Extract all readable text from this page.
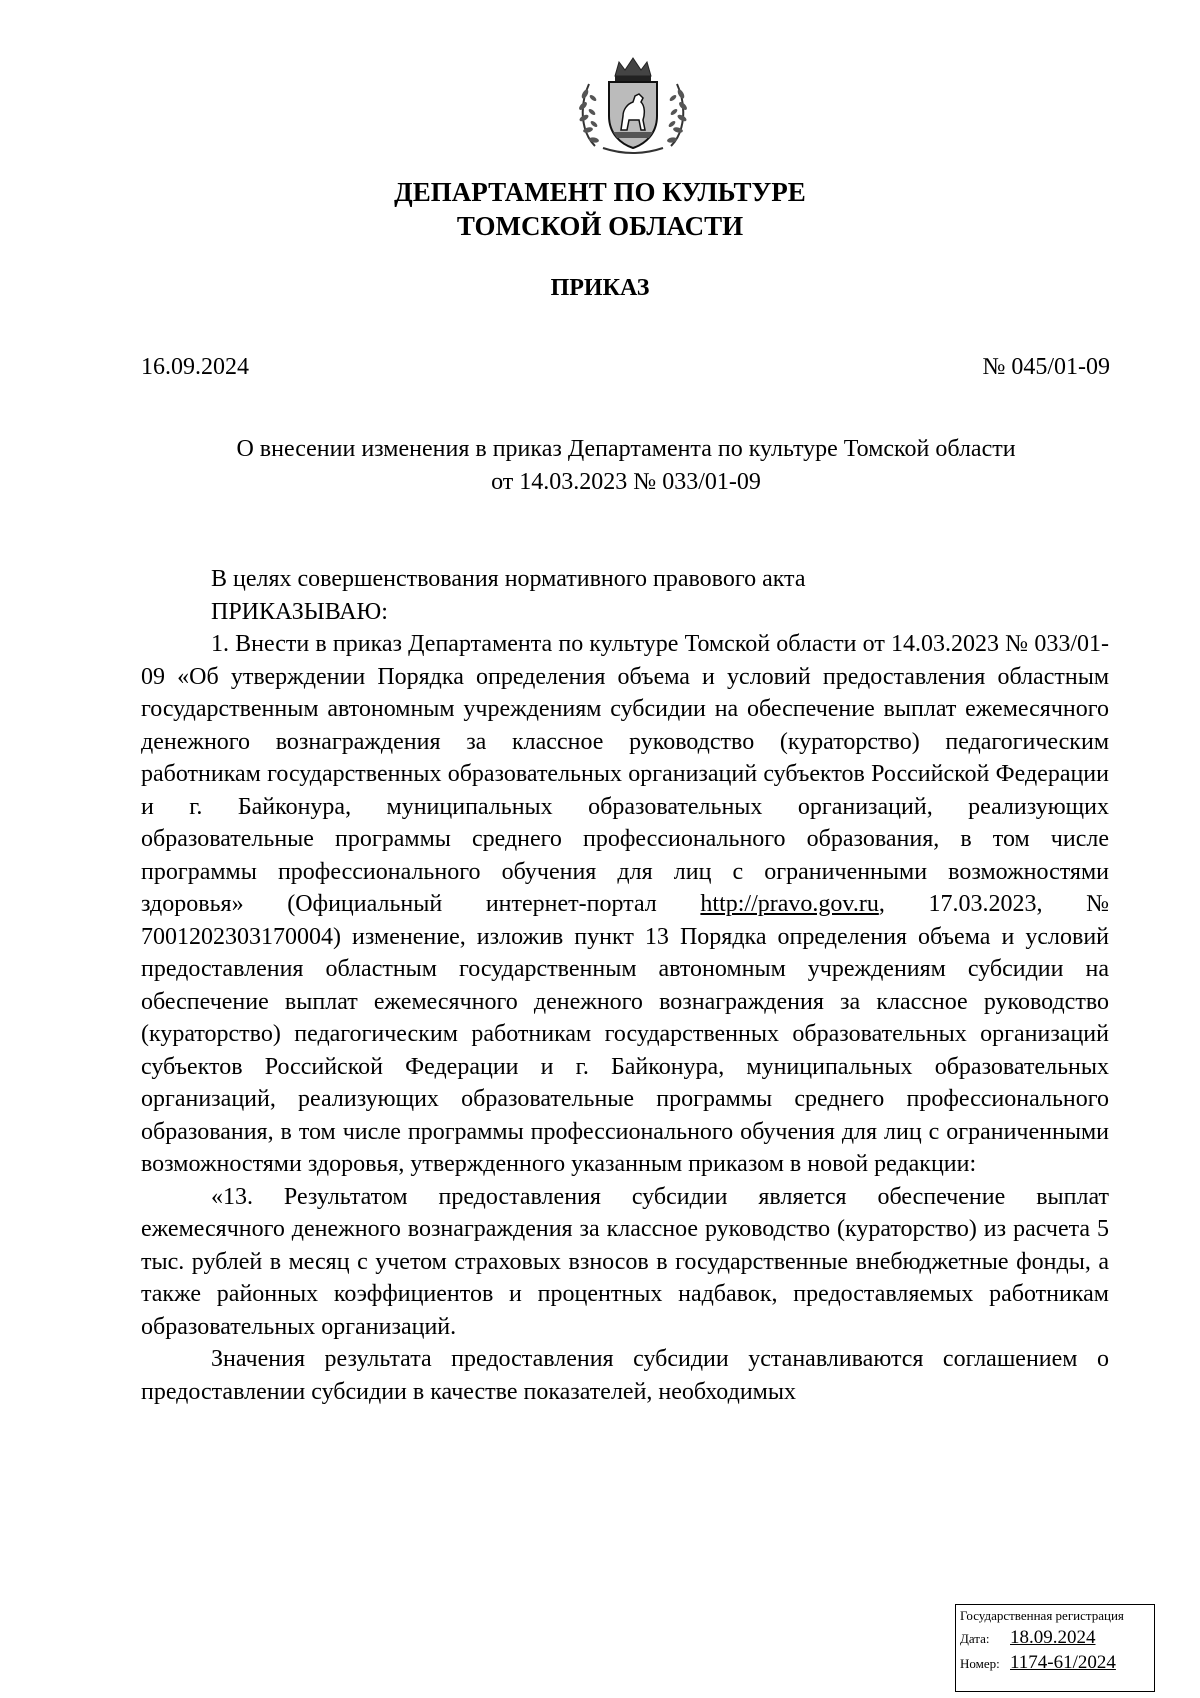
ДЕПАРТАМЕНТ ПО КУЛЬТУРЕ
ТОМСКОЙ ОБЛАСТИ
ПРИКАЗ
16.09.2024	№ 045/01-09
О внесении изменения в приказ Департамента по культуре Томской области
от 14.03.2023 № 033/01-09

В целях совершенствования нормативного правового акта

ПРИКАЗЫВАЮ:

1. Внести в приказ Департамента по культуре Томской области от 14.03.2023 № 033/01-09 «Об утверждении Порядка определения объема и условий предоставления областным государственным автономным учреждениям субсидии на обеспечение выплат ежемесячного денежного вознаграждения за классное руководство (кураторство) педагогическим работникам государственных образовательных организаций субъектов Российской Федерации и г. Байконура, муниципальных образовательных организаций, реализующих образовательные программы среднего профессионального образования, в том числе программы профессионального обучения для лиц с ограниченными возможностями здоровья» (Официальный интернет-портал http://pravo.gov.ru, 17.03.2023, № 7001202303170004) изменение, изложив пункт 13 Порядка определения объема и условий предоставления областным государственным автономным учреждениям субсидии на обеспечение выплат ежемесячного денежного вознаграждения за классное руководство (кураторство) педагогическим работникам государственных образовательных организаций субъектов Российской Федерации и г. Байконура, муниципальных образовательных организаций, реализующих образовательные программы среднего профессионального образования, в том числе программы профессионального обучения для лиц с ограниченными возможностями здоровья, утвержденного указанным приказом в новой редакции:

«13. Результатом предоставления субсидии является обеспечение выплат ежемесячного денежного вознаграждения за классное руководство (кураторство) из расчета 5 тыс. рублей в месяц с учетом страховых взносов в государственные внебюджетные фонды, а также районных коэффициентов и процентных надбавок, предоставляемых работникам образовательных организаций.

Значения результата предоставления субсидии устанавливаются соглашением о предоставлении субсидии в качестве показателей, необходимых

Государственная регистрация
Дата:	18.09.2024
Номер: 1174-61/2024
